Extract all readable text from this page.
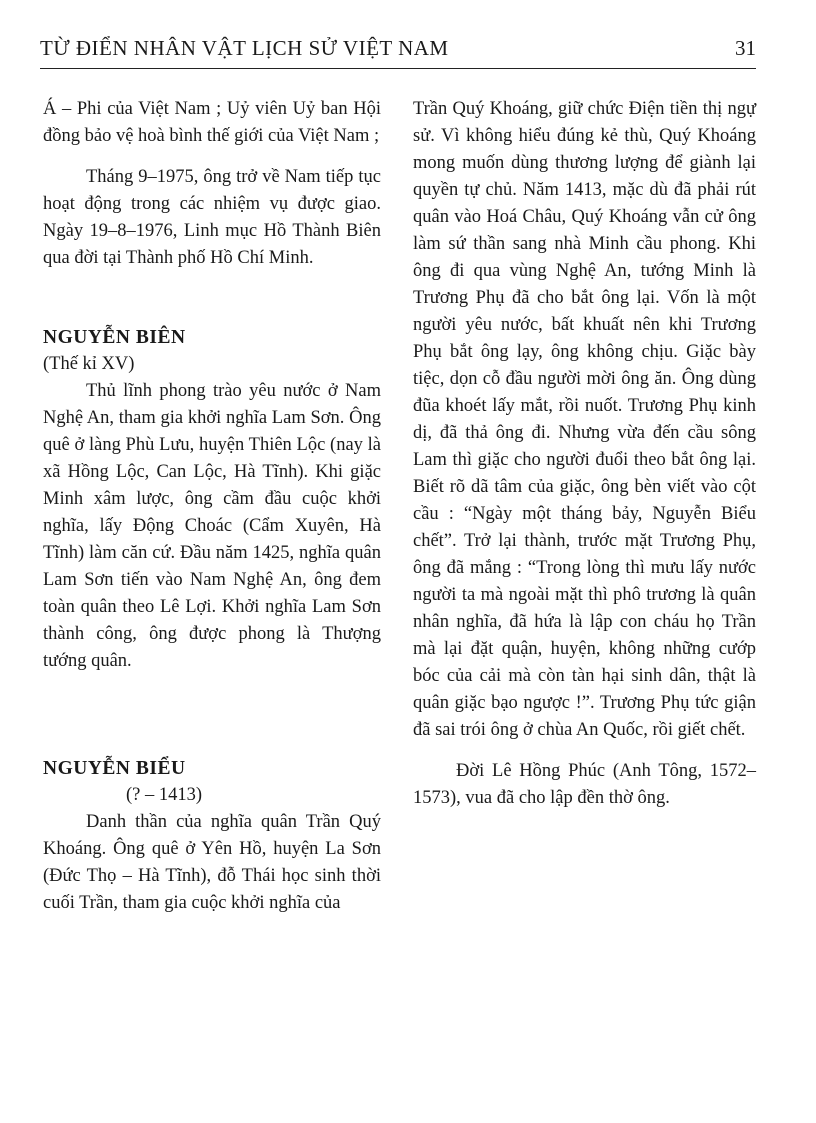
TỪ ĐIỂN NHÂN VẬT LỊCH SỬ VIỆT NAM	31

Á – Phi của Việt Nam ; Uỷ viên Uỷ ban Hội đồng bảo vệ hoà bình thế giới của Việt Nam ;

Tháng 9–1975, ông trở về Nam tiếp tục hoạt động trong các nhiệm vụ được giao. Ngày 19–8–1976, Linh mục Hồ Thành Biên qua đời tại Thành phố Hồ Chí Minh.

NGUYỄN BIÊN

(Thế kỉ XV)

Thủ lĩnh phong trào yêu nước ở Nam Nghệ An, tham gia khởi nghĩa Lam Sơn. Ông quê ở làng Phù Lưu, huyện Thiên Lộc (nay là xã Hồng Lộc, Can Lộc, Hà Tĩnh). Khi giặc Minh xâm lược, ông cầm đầu cuộc khởi nghĩa, lấy Động Choác (Cẩm Xuyên, Hà Tĩnh) làm căn cứ. Đầu năm 1425, nghĩa quân Lam Sơn tiến vào Nam Nghệ An, ông đem toàn quân theo Lê Lợi. Khởi nghĩa Lam Sơn thành công, ông được phong là Thượng tướng quân.

NGUYỄN BIỂU

(? – 1413)

Danh thần của nghĩa quân Trần Quý Khoáng. Ông quê ở Yên Hồ, huyện La Sơn (Đức Thọ – Hà Tĩnh), đỗ Thái học sinh thời cuối Trần, tham gia cuộc khởi nghĩa của

Trần Quý Khoáng, giữ chức Điện tiền thị ngự sử. Vì không hiểu đúng kẻ thù, Quý Khoáng mong muốn dùng thương lượng để giành lại quyền tự chủ. Năm 1413, mặc dù đã phải rút quân vào Hoá Châu, Quý Khoáng vẫn cử ông làm sứ thần sang nhà Minh cầu phong. Khi ông đi qua vùng Nghệ An, tướng Minh là Trương Phụ đã cho bắt ông lại. Vốn là một người yêu nước, bất khuất nên khi Trương Phụ bắt ông lạy, ông không chịu. Giặc bày tiệc, dọn cỗ đầu người mời ông ăn. Ông dùng đũa khoét lấy mắt, rồi nuốt. Trương Phụ kinh dị, đã thả ông đi. Nhưng vừa đến cầu sông Lam thì giặc cho người đuổi theo bắt ông lại. Biết rõ dã tâm của giặc, ông bèn viết vào cột cầu : “Ngày một tháng bảy, Nguyễn Biểu chết”. Trở lại thành, trước mặt Trương Phụ, ông đã mắng : “Trong lòng thì mưu lấy nước người ta mà ngoài mặt thì phô trương là quân nhân nghĩa, đã hứa là lập con cháu họ Trần mà lại đặt quận, huyện, không những cướp bóc của cải mà còn tàn hại sinh dân, thật là quân giặc bạo ngược !”. Trương Phụ tức giận đã sai trói ông ở chùa An Quốc, rồi giết chết.

Đời Lê Hồng Phúc (Anh Tông, 1572–1573), vua đã cho lập đền thờ ông.
